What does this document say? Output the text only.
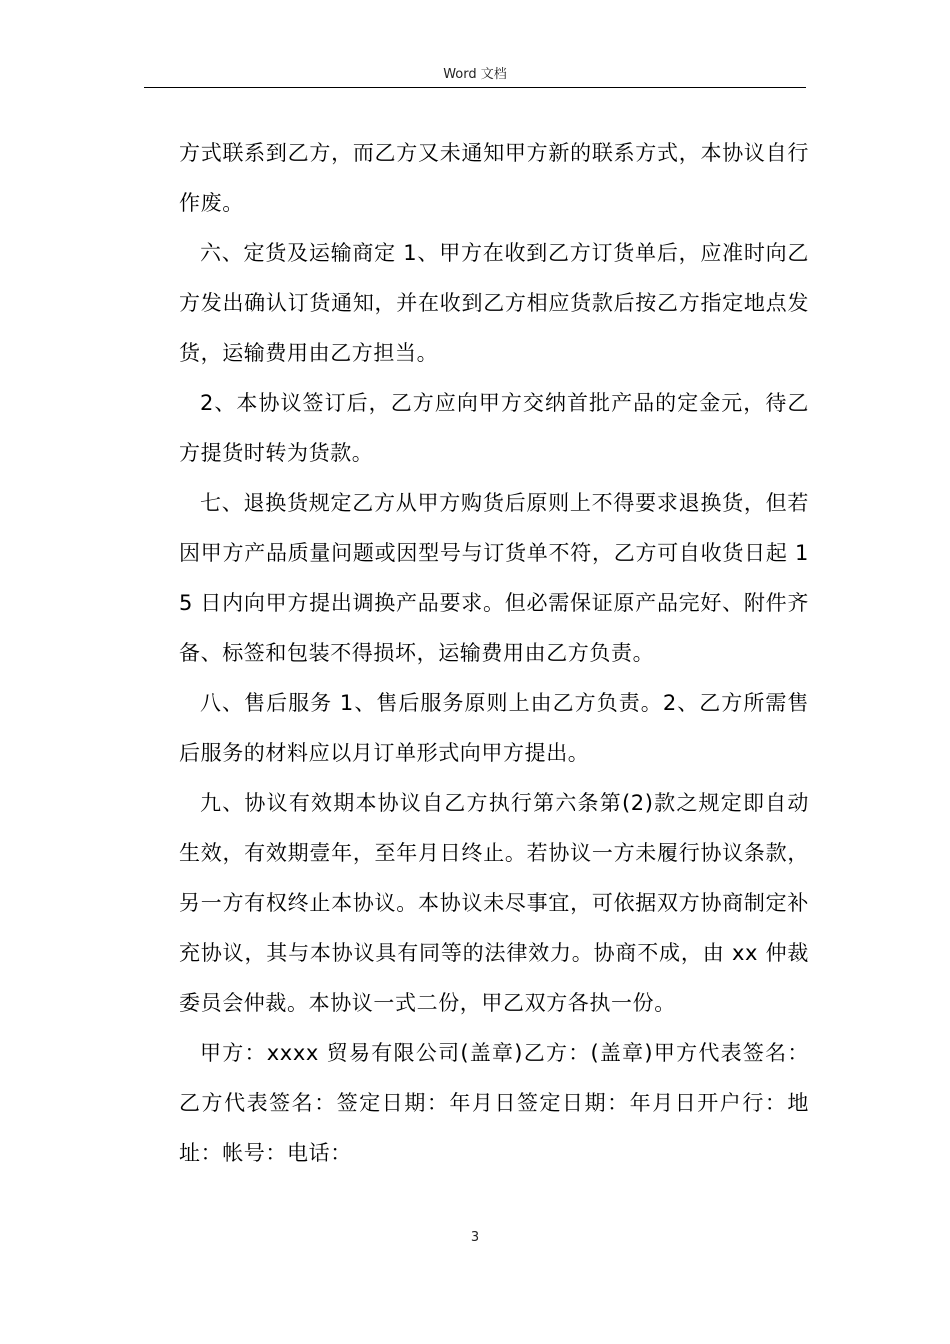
Word 文档

方式联系到乙方，而乙方又未通知甲方新的联系方式，本协议自行作废。

六、定货及运输商定 1、甲方在收到乙方订货单后，应准时向乙方发出确认订货通知，并在收到乙方相应货款后按乙方指定地点发货，运输费用由乙方担当。

2、本协议签订后，乙方应向甲方交纳首批产品的定金元，待乙方提货时转为货款。

七、退换货规定乙方从甲方购货后原则上不得要求退换货，但若因甲方产品质量问题或因型号与订货单不符，乙方可自收货日起 15 日内向甲方提出调换产品要求。但必需保证原产品完好、附件齐备、标签和包装不得损坏，运输费用由乙方负责。

八、售后服务 1、售后服务原则上由乙方负责。2、乙方所需售后服务的材料应以月订单形式向甲方提出。

九、协议有效期本协议自乙方执行第六条第(2)款之规定即自动生效，有效期壹年，至年月日终止。若协议一方未履行协议条款，另一方有权终止本协议。本协议未尽事宜，可依据双方协商制定补充协议，其与本协议具有同等的法律效力。协商不成，由 xx 仲裁委员会仲裁。本协议一式二份，甲乙双方各执一份。

甲方：xxxx 贸易有限公司(盖章)乙方：(盖章)甲方代表签名：乙方代表签名：签定日期：年月日签定日期：年月日开户行：地址：帐号：电话：

3
